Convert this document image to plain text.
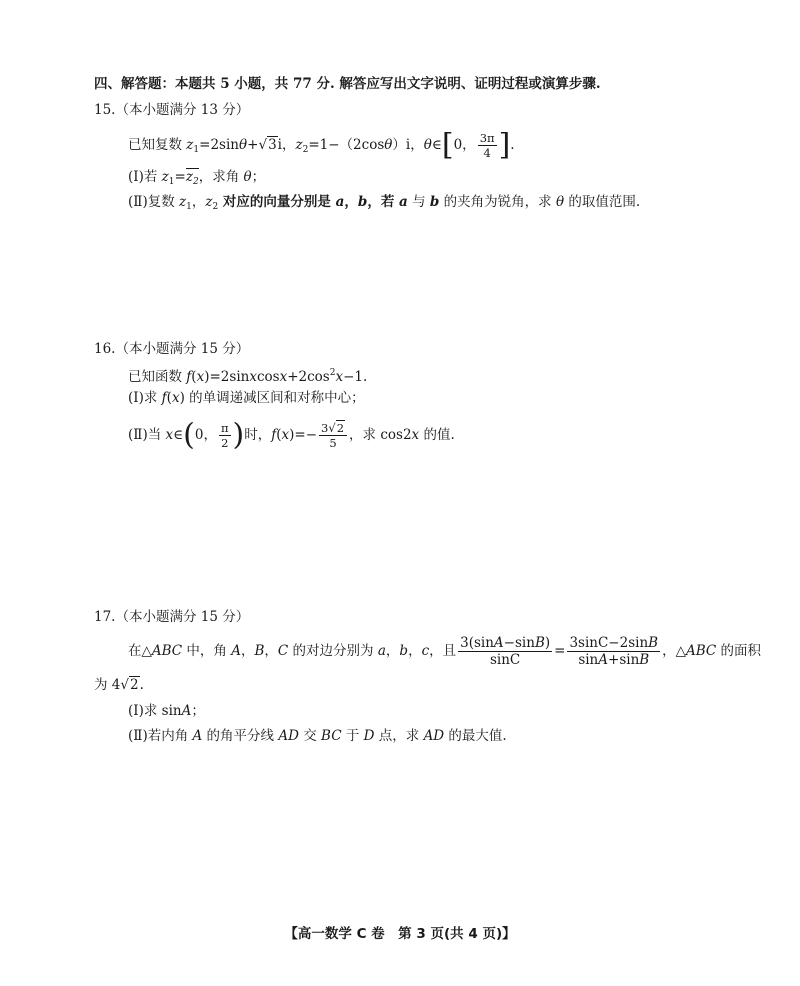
四、解答题：本题共 5 小题，共 77 分. 解答应写出文字说明、证明过程或演算步骤.
15.（本小题满分 13 分）
已知复数 $z_1=2\sin\theta+√3i$，$z_2=1-(2\cos\theta)i$，θ∈[0， $\frac{3\pi}{4}$ ].
(Ⅰ)若 $z_1=z_2$，求角 θ；
(Ⅱ)复数 $z_1$，$z_2$ 对应的向量分别是 a，b，若 a 与 b 的夹角为锐角，求 θ 的取值范围.
16.（本小题满分 15 分）
已知函数 $f(x)=2sinxcosx+2\cos^2x-1$.
(Ⅰ)求 f(x) 的单调递减区间和对称中心；
(Ⅱ)当 x∈(0， $\frac{\pi}{2}$ )时，$f(x)=- \frac{3√2}{5}$ ，求 cos2x 的值.
17.（本小题满分 15 分）
在△ABC 中，角 A，B，C 的对边分别为 a，b，c，且 $\frac{3(\sin A-\sin B)}{\sin C} = \frac{3\sin C-2\sin B}{\sin A+\sin B}$ ，△ABC 的面积
为 4√2.
(Ⅰ)求 sinA；
(Ⅱ)若内角 A 的角平分线 AD 交 BC 于 D 点，求 AD 的最大值.
【高一数学 C 卷　第 3 页(共 4 页)】
